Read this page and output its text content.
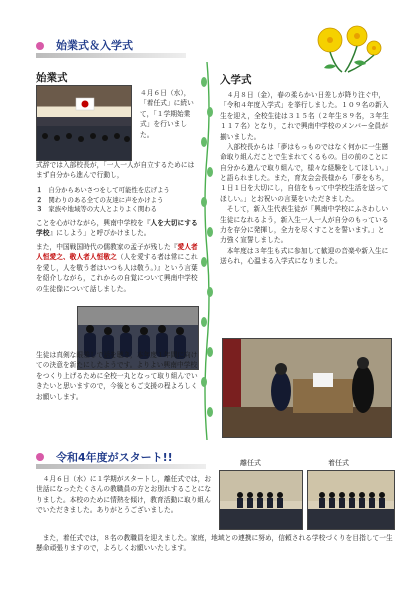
始業式＆入学式
始業式
４月６日（水），「着任式」に続いて，「１学期始業式」を行いました。
式辞では入部校長が，「一人一人が自立するためにはまず自分から進んで行動し，
１ 自分からあいさつをして可能性を広げよう
２ 関わりのある全ての友達に声をかけよう
３ 家族や地域等の大人とよりよく関わる
ことを心がけながら，興南中学校を『人を大切にする学校』にしよう」と呼びかけました。
また，中国戦国時代の儒教家の孟子が残した『愛人者人恒愛之、敬人者人恒敬之（人を愛する者は常にこれを愛し，人を敬う者はいつも人は敬う。）』という言葉を紹介しながら，これからの自覚について興南中学校の生徒像について話しました。
生徒は真剣な眼差しで話を聴き，本年度１年間に向けての決意を新たにしたようです。よりよい興南中学校をつくり上げるために全校一丸となって取り組んでいきたいと思いますので，今後ともご支援の程よろしくお願いします。
入学式

４月８日（金），春の柔らかい日差しが降り注ぐ中，「令和４年度入学式」を挙行しました。１０９名の新入生を迎え，全校生徒は３１５名（２年生８９名，３年生１１７名）となり，これで興南中学校のメンバー全員が揃いました。

入部校長からは「夢はもっものではなく何かに一生懸命取り組んだことで生まれてくるもの。目の前のことに自分から進んで取り組んで，様々な経験をしてほしい。」と語られました。また，育友会会長様から「夢をもち，１日１日を大切にし，自信をもって中学校生活を送ってほしい。」とお祝いの言葉をいただきました。

そして，新入生代表生徒が「興南中学校にふさわしい生徒になれるよう，新入生一人一人が自分のもっている力を存分に発揮し，全力を尽くすことを誓います。」と力強く宣誓しました。

本年度は３年生も式に参加して歓迎の音楽や新入生に送られ，心温まる入学式になりました。

令和4年度がスタート!!	離任式	着任式

４月６日（水）に１学期がスタートし，離任式では，お世話になったたくさんの教職員の方とお別れすることになりました。本校のために情熱を傾け，教育活動に取り組んでいただきました。ありがとうございました。

また，着任式では，８名の教職員を迎えました。家庭，地域との連携に努め，信頼される学校づくりを目指して一生懸命頑張りますので，よろしくお願いいたします。
